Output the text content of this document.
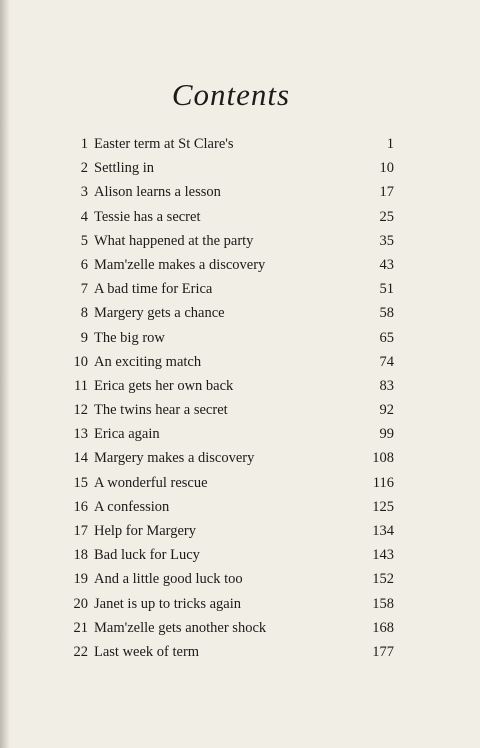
Contents
1 Easter term at St Clare's	1
2 Settling in	10
3 Alison learns a lesson	17
4 Tessie has a secret	25
5 What happened at the party	35
6 Mam'zelle makes a discovery	43
7 A bad time for Erica	51
8 Margery gets a chance	58
9 The big row	65
10 An exciting match	74
11 Erica gets her own back	83
12 The twins hear a secret	92
13 Erica again	99
14 Margery makes a discovery	108
15 A wonderful rescue	116
16 A confession	125
17 Help for Margery	134
18 Bad luck for Lucy	143
19 And a little good luck too	152
20 Janet is up to tricks again	158
21 Mam'zelle gets another shock	168
22 Last week of term	177
